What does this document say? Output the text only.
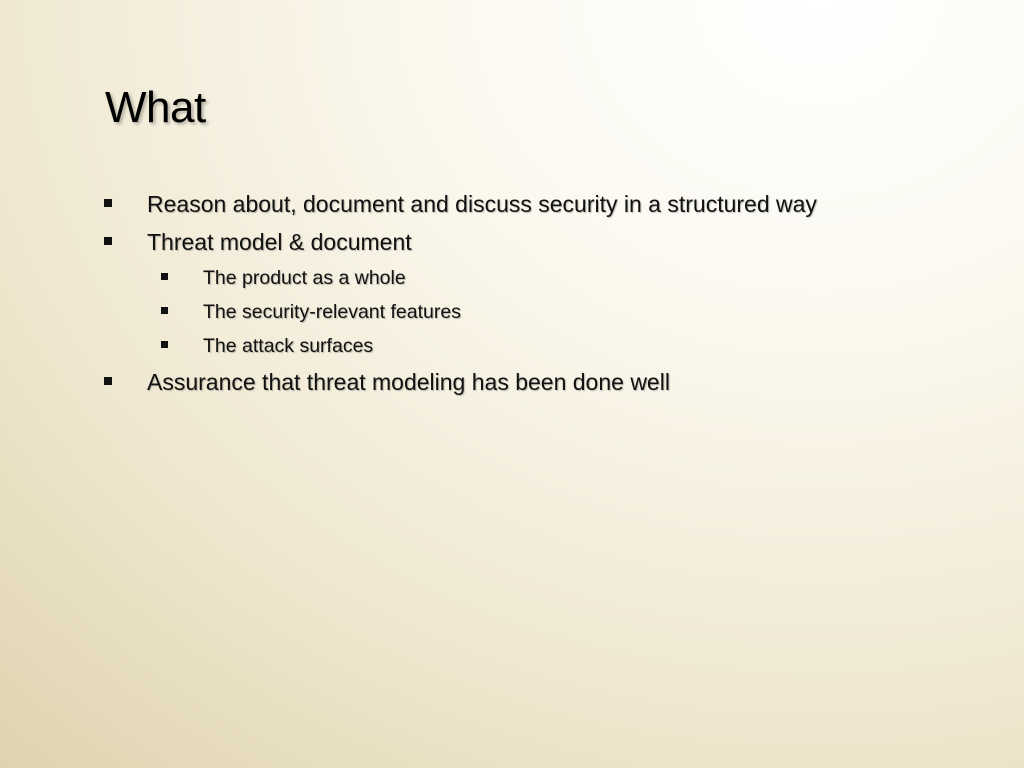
What
Reason about, document and discuss security in a structured way
Threat model & document
The product as a whole
The security-relevant features
The attack surfaces
Assurance that threat modeling has been done well
